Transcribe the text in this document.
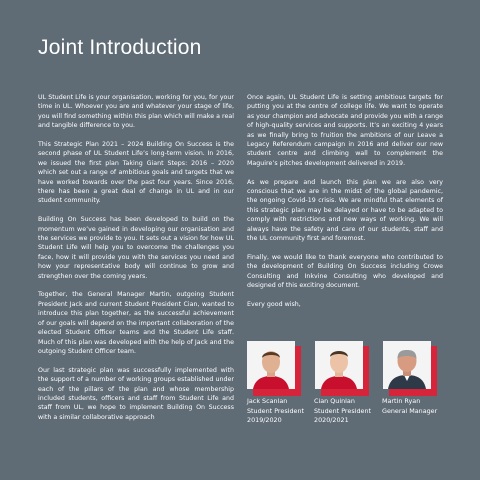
Joint Introduction

UL Student Life is your organisation, working for you, for your time in UL. Whoever you are and whatever your stage of life, you will find something within this plan which will make a real and tangible difference to you.

This Strategic Plan 2021 – 2024 Building On Success is the second phase of UL Student Life’s long-term vision. In 2016, we issued the first plan Taking Giant Steps: 2016 – 2020 which set out a range of ambitious goals and targets that we have worked towards over the past four years. Since 2016, there has been a great deal of change in UL and in our student community.

Building On Success has been developed to build on the momentum we’ve gained in developing our organisation and the services we provide to you. It sets out a vision for how UL Student Life will help you to overcome the challenges you face, how it will provide you with the services you need and how your representative body will continue to grow and strengthen over the coming years.

Together, the General Manager Martin, outgoing Student President Jack and current Student President Cian, wanted to introduce this plan together, as the successful achievement of our goals will depend on the important collaboration of the elected Student Officer teams and the Student Life staff. Much of this plan was developed with the help of Jack and the outgoing Student Officer team.

Our last strategic plan was successfully implemented with the support of a number of working groups established under each of the pillars of the plan and whose membership included students, officers and staff from Student Life and staff from UL, we hope to implement Building On Success with a similar collaborative approach

Once again, UL Student Life is setting ambitious targets for putting you at the centre of college life. We want to operate as your champion and advocate and provide you with a range of high-quality services and supports. It’s an exciting 4 years as we finally bring to fruition the ambitions of our Leave a Legacy Referendum campaign in 2016 and deliver our new student centre and climbing wall to complement the Maguire’s pitches development delivered in 2019.

As we prepare and launch this plan we are also very conscious that we are in the midst of the global pandemic, the ongoing Covid-19 crisis. We are mindful that elements of this strategic plan may be delayed or have to be adapted to comply with restrictions and new ways of working. We will always have the safety and care of our students, staff and the UL community first and foremost.

Finally, we would like to thank everyone who contributed to the development of Building On Success including Crowe Consulting and Inkvine Consulting who developed and designed of this exciting document.

Every good wish,

Jack Scanlan
Student President
2019/2020
Cian Quinlan
Student President
2020/2021
Martin Ryan
General Manager
